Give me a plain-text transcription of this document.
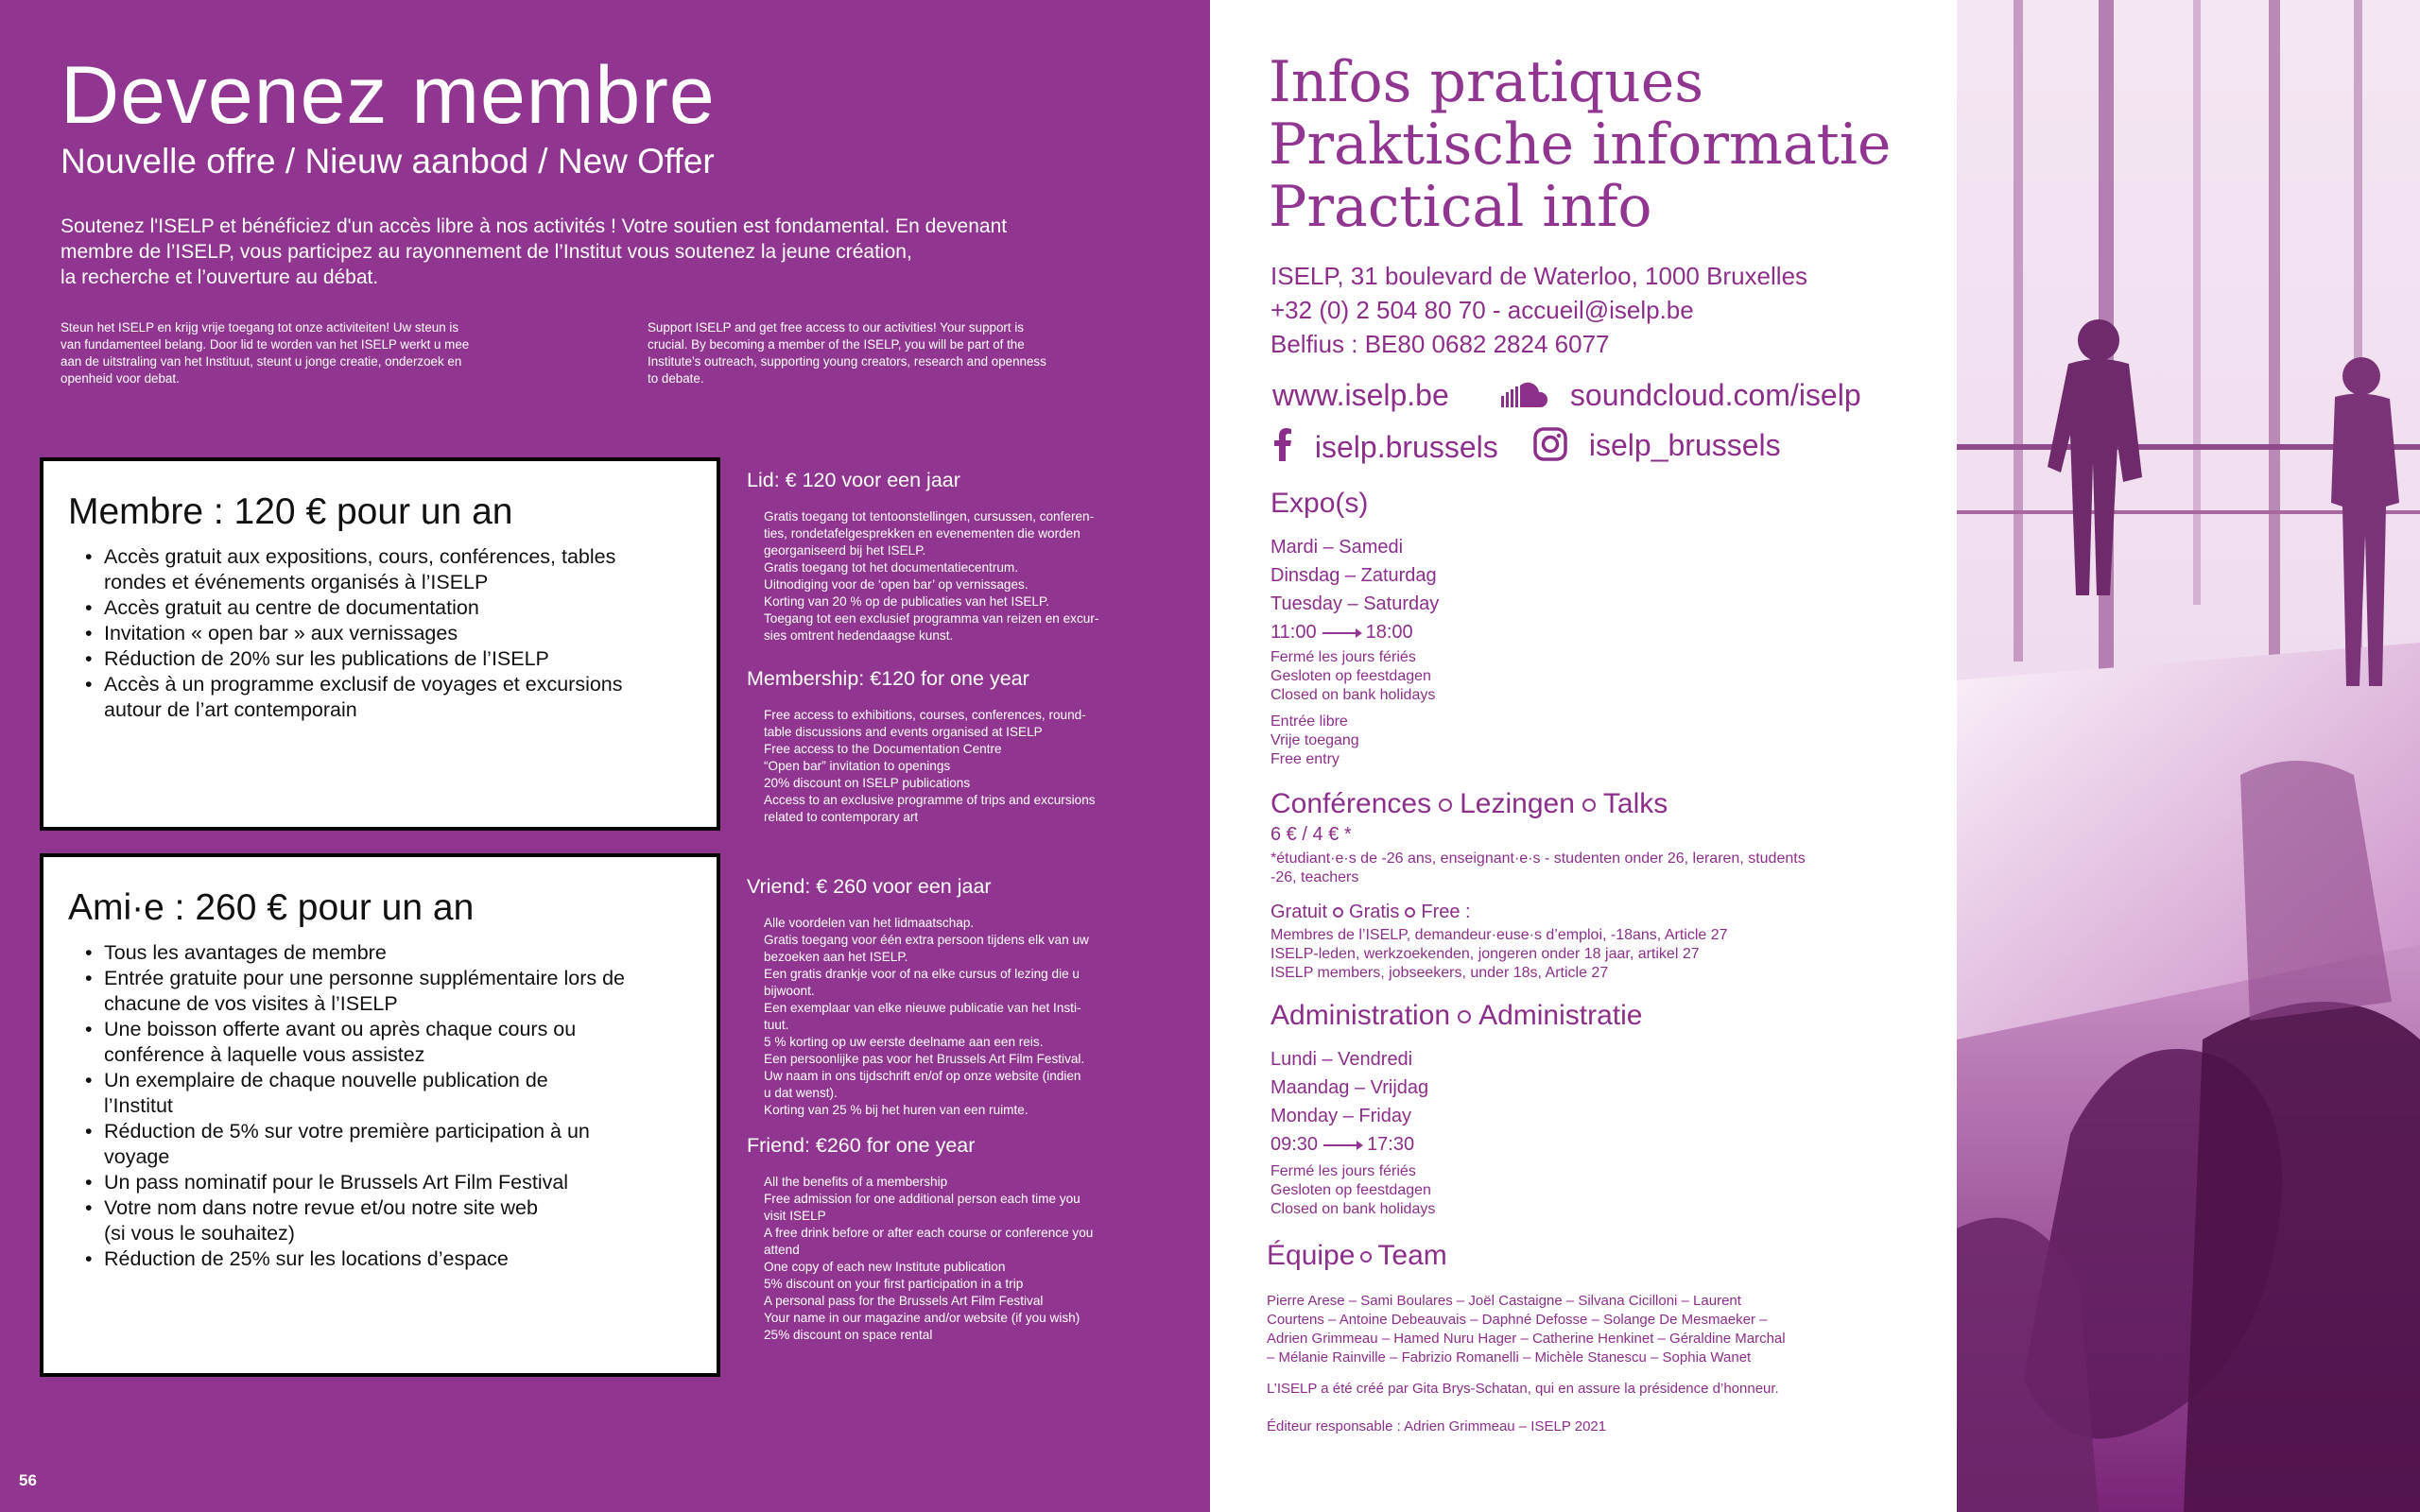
Devenez membre
Nouvelle offre / Nieuw aanbod / New Offer
Soutenez l'ISELP et bénéficiez d'un accès libre à nos activités ! Votre soutien est fondamental. En devenant
membre de l’ISELP, vous participez au rayonnement de l’Institut vous soutenez la jeune création,
la recherche et l’ouverture au débat.
Steun het ISELP en krijg vrije toegang tot onze activiteiten! Uw steun is
van fundamenteel belang. Door lid te worden van het ISELP werkt u mee
aan de uitstraling van het Instituut, steunt u jonge creatie, onderzoek en
openheid voor debat.
Support ISELP and get free access to our activities! Your support is
crucial. By becoming a member of the ISELP, you will be part of the
Institute’s outreach, supporting young creators, research and openness
to debate.
Membre : 120 € pour un an
• Accès gratuit aux expositions, cours, conférences, tables
rondes et événements organisés à l’ISELP
• Accès gratuit au centre de documentation
• Invitation « open bar » aux vernissages
• Réduction de 20% sur les publications de l’ISELP
• Accès à un programme exclusif de voyages et excursions
autour de l’art contemporain
Ami·e : 260 € pour un an
• Tous les avantages de membre
• Entrée gratuite pour une personne supplémentaire lors de
chacune de vos visites à l’ISELP
• Une boisson offerte avant ou après chaque cours ou
conférence à laquelle vous assistez
• Un exemplaire de chaque nouvelle publication de
l’Institut
• Réduction de 5% sur votre première participation à un
voyage
• Un pass nominatif pour le Brussels Art Film Festival
• Votre nom dans notre revue et/ou notre site web
(si vous le souhaitez)
• Réduction de 25% sur les locations d’espace
Lid: € 120 voor een jaar
Gratis toegang tot tentoonstellingen, cursussen, conferen-
ties, rondetafelgesprekken en evenementen die worden
georganiseerd bij het ISELP.
Gratis toegang tot het documentatiecentrum.
Uitnodiging voor de ‘open bar’ op vernissages.
Korting van 20 % op de publicaties van het ISELP.
Toegang tot een exclusief programma van reizen en excur-
sies omtrent hedendaagse kunst.
Membership: €120 for one year
Free access to exhibitions, courses, conferences, round-
table discussions and events organised at ISELP
Free access to the Documentation Centre
“Open bar” invitation to openings
20% discount on ISELP publications
Access to an exclusive programme of trips and excursions
related to contemporary art
Vriend: € 260 voor een jaar
Alle voordelen van het lidmaatschap.
Gratis toegang voor één extra persoon tijdens elk van uw
bezoeken aan het ISELP.
Een gratis drankje voor of na elke cursus of lezing die u
bijwoont.
Een exemplaar van elke nieuwe publicatie van het Insti-
tuut.
5 % korting op uw eerste deelname aan een reis.
Een persoonlijke pas voor het Brussels Art Film Festival.
Uw naam in ons tijdschrift en/of op onze website (indien
u dat wenst).
Korting van 25 % bij het huren van een ruimte.
Friend: €260 for one year
All the benefits of a membership
Free admission for one additional person each time you
visit ISELP
A free drink before or after each course or conference you
attend
One copy of each new Institute publication
5% discount on your first participation in a trip
A personal pass for the Brussels Art Film Festival
Your name in our magazine and/or website (if you wish)
25% discount on space rental
56
Infos pratiques
Praktische informatie
Practical info
ISELP, 31 boulevard de Waterloo, 1000 Bruxelles
+32 (0) 2 504 80 70 - accueil@iselp.be
Belfius : BE80 0682 2824 6077
www.iselp.be	soundcloud.com/iselp
iselp.brussels	iselp_brussels
Expo(s)
Mardi – Samedi
Dinsdag – Zaturdag
Tuesday – Saturday
11:00	18:00
Fermé les jours fériés
Gesloten op feestdagen
Closed on bank holidays
Entrée libre
Vrije toegang
Free entry
Conférences Lezingen Talks
6 € / 4 € *
*étudiant·e·s de -26 ans, enseignant·e·s - studenten onder 26, leraren, students
-26, teachers
Gratuit Gratis Free :
Membres de l’ISELP, demandeur·euse·s d’emploi, -18ans, Article 27
ISELP-leden, werkzoekenden, jongeren onder 18 jaar, artikel 27
ISELP members, jobseekers, under 18s, Article 27
Administration Administratie
Lundi – Vendredi
Maandag – Vrijdag
Monday – Friday
09:30	17:30
Fermé les jours fériés
Gesloten op feestdagen
Closed on bank holidays
Équipe Team
Pierre Arese – Sami Boulares – Joël Castaigne – Silvana Cicilloni – Laurent
Courtens – Antoine Debeauvais – Daphné Defosse – Solange De Mesmaeker –
Adrien Grimmeau – Hamed Nuru Hager – Catherine Henkinet – Géraldine Marchal
– Mélanie Rainville – Fabrizio Romanelli – Michèle Stanescu – Sophia Wanet
L’ISELP a été créé par Gita Brys-Schatan, qui en assure la présidence d’honneur.
Éditeur responsable : Adrien Grimmeau – ISELP 2021
